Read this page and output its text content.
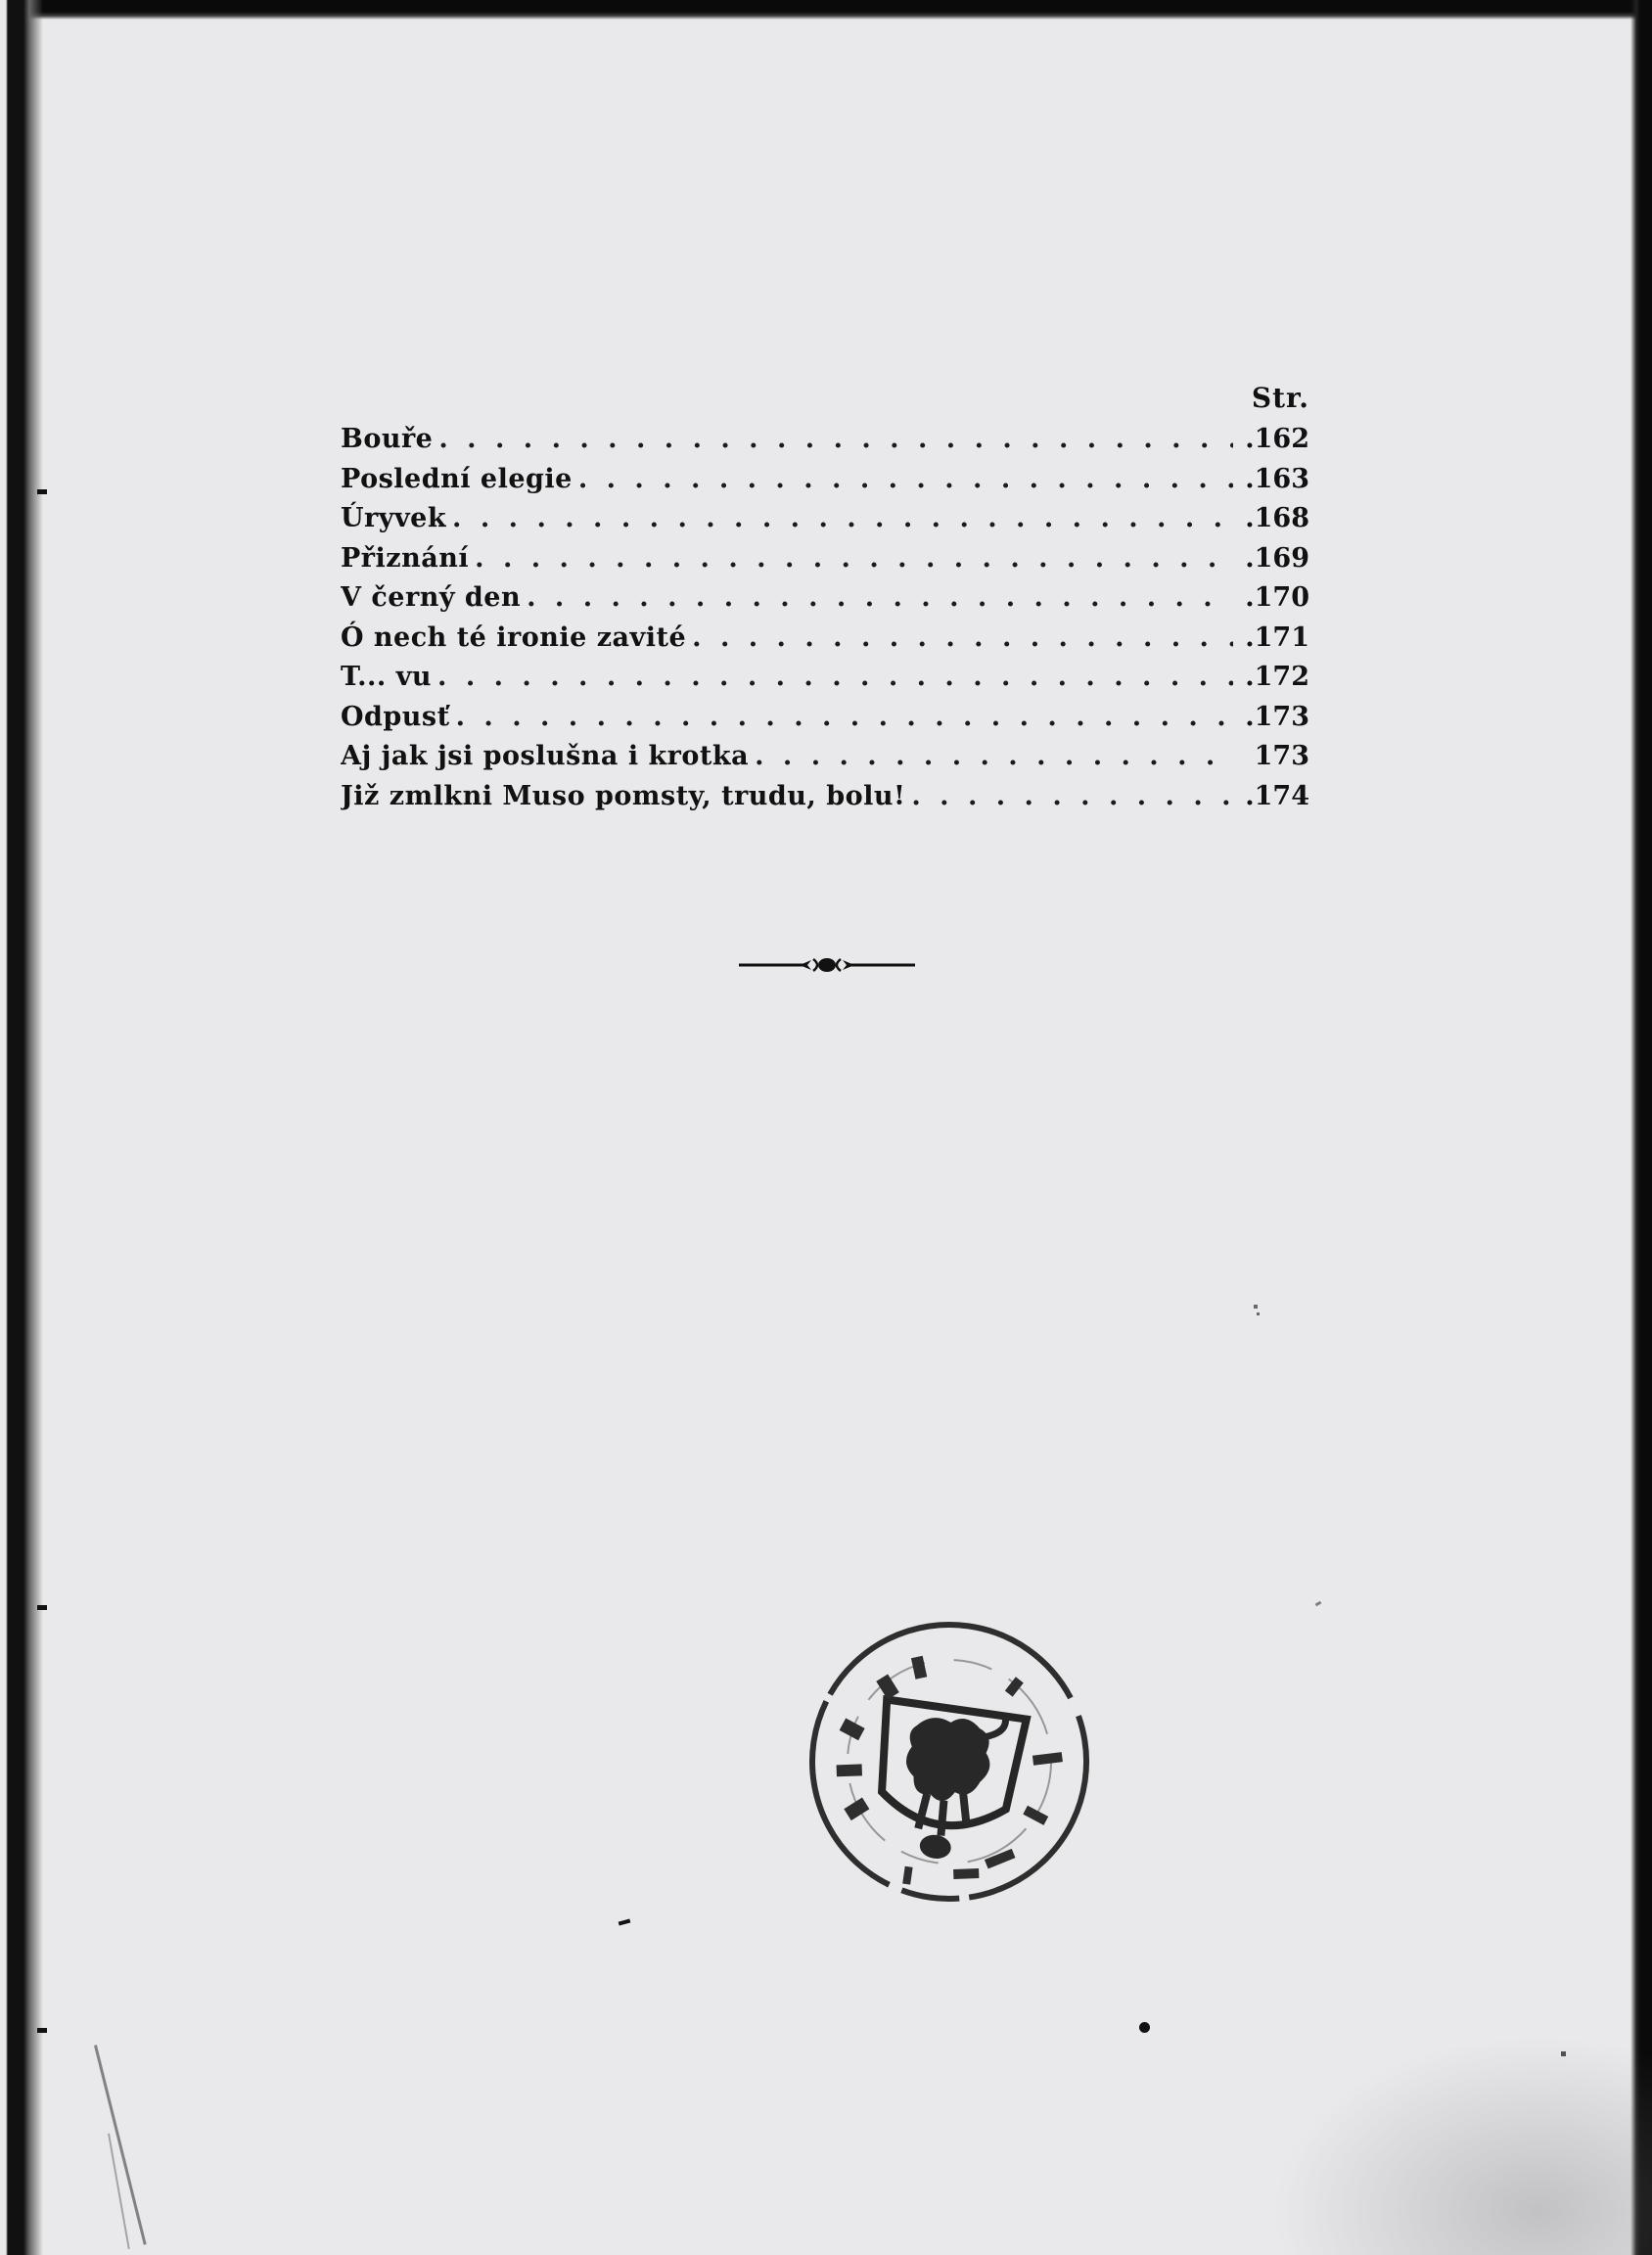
Str.
Bouře . . .	.162
Poslední elegie . . .	.163
Úryvek . . .	.168
Přiznání . . .	.169
V černý den . . .	.170
Ó nech té ironie zavité . . .	.171
T... vu . . .	.172
Odpusť . . .	.173
Aj jak jsi poslušna i krotka . . .	173
Již zmlkni Muso pomsty, trudu, bolu! . . .	.174
